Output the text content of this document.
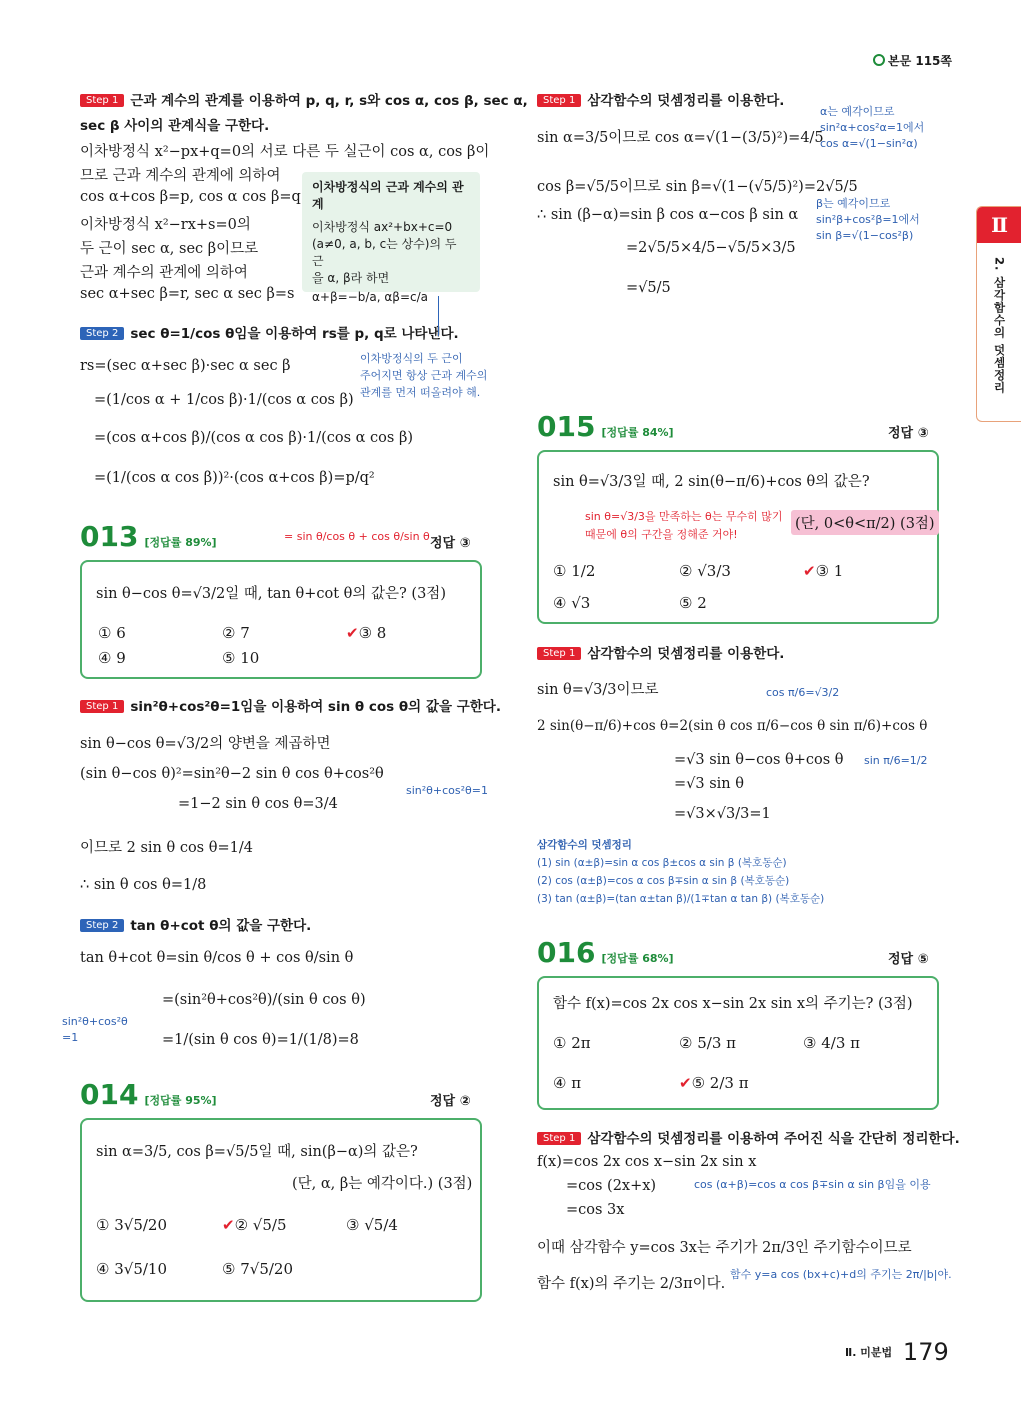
본문 115쪽
Ⅱ
2. 삼각함수의 덧셈정리
Step 1 근과 계수의 관계를 이용하여 p, q, r, s와 cos α, cos β, sec α,
sec β 사이의 관계식을 구한다.
이차방정식 x²−px+q=0의 서로 다른 두 실근이 cos α, cos β이
므로 근과 계수의 관계에 의하여
cos α+cos β=p, cos α cos β=q
이차방정식 x²−rx+s=0의
두 근이 sec α, sec β이므로
근과 계수의 관계에 의하여
sec α+sec β=r, sec α sec β=s
이차방정식의 근과 계수의 관계
이차방정식 ax²+bx+c=0
(a≠0, a, b, c는 상수)의 두 근
을 α, β라 하면
α+β=−b/a, αβ=c/a
Step 2 sec θ=1/cos θ임을 이용하여 rs를 p, q로 나타낸다.
이차방정식의 두 근이
주어지면 항상 근과 계수의
관계를 먼저 떠올려야 해.
rs=(sec α+sec β)·sec α sec β
=(1/cos α + 1/cos β)·1/(cos α cos β)
=(cos α+cos β)/(cos α cos β)·1/(cos α cos β)
=(1/(cos α cos β))²·(cos α+cos β)=p/q²
013 [정답률 89%]	= sin θ/cos θ + cos θ/sin θ 정답 ③
sin θ−cos θ=√3/2일 때, tan θ+cot θ의 값은? (3점)
① 6	② 7	✔③ 8
④ 9	⑤ 10
Step 1 sin²θ+cos²θ=1임을 이용하여 sin θ cos θ의 값을 구한다.
sin θ−cos θ=√3/2의 양변을 제곱하면
(sin θ−cos θ)²=sin²θ−2 sin θ cos θ+cos²θ
=1−2 sin θ cos θ=3/4
sin²θ+cos²θ=1
이므로 2 sin θ cos θ=1/4
∴ sin θ cos θ=1/8
Step 2 tan θ+cot θ의 값을 구한다.
tan θ+cot θ=sin θ/cos θ + cos θ/sin θ
=(sin²θ+cos²θ)/(sin θ cos θ)
=1/(sin θ cos θ)=1/(1/8)=8
sin²θ+cos²θ
=1
014 [정답률 95%]	정답 ②
sin α=3/5, cos β=√5/5일 때, sin(β−α)의 값은?
(단, α, β는 예각이다.) (3점)
① 3√5/20	✔② √5/5	③ √5/4
④ 3√5/10	⑤ 7√5/20
Step 1 삼각함수의 덧셈정리를 이용한다.
sin α=3/5이므로 cos α=√(1−(3/5)²)=4/5
α는 예각이므로
sin²α+cos²α=1에서
cos α=√(1−sin²α)
cos β=√5/5이므로 sin β=√(1−(√5/5)²)=2√5/5
∴ sin (β−α)=sin β cos α−cos β sin α
β는 예각이므로
sin²β+cos²β=1에서
sin β=√(1−cos²β)
=2√5/5×4/5−√5/5×3/5
=√5/5
015 [정답률 84%]	정답 ③
sin θ=√3/3일 때, 2 sin(θ−π/6)+cos θ의 값은?
sin θ=√3/3을 만족하는 θ는 무수히 많기
때문에 θ의 구간을 정해준 거야!
(단, 0<θ<π/2) (3점)
① 1/2	② √3/3	✔③ 1
④ √3	⑤ 2
Step 1 삼각함수의 덧셈정리를 이용한다.
sin θ=√3/3이므로	cos π/6=√3/2
2 sin(θ−π/6)+cos θ=2(sin θ cos π/6−cos θ sin π/6)+cos θ
=√3 sin θ−cos θ+cos θ sin π/6=1/2
=√3 sin θ
=√3×√3/3=1
삼각함수의 덧셈정리
(1) sin (α±β)=sin α cos β±cos α sin β (복호동순)
(2) cos (α±β)=cos α cos β∓sin α sin β (복호동순)
(3) tan (α±β)=(tan α±tan β)/(1∓tan α tan β) (복호동순)
016 [정답률 68%]	정답 ⑤
함수 f(x)=cos 2x cos x−sin 2x sin x의 주기는? (3점)
① 2π	② 5/3 π	③ 4/3 π
④ π	✔⑤ 2/3 π
Step 1 삼각함수의 덧셈정리를 이용하여 주어진 식을 간단히 정리한다.
f(x)=cos 2x cos x−sin 2x sin x
=cos (2x+x)	cos (α+β)=cos α cos β∓sin α sin β임을 이용
=cos 3x
이때 삼각함수 y=cos 3x는 주기가 2π/3인 주기함수이므로
함수 f(x)의 주기는 2/3π이다.
함수 y=a cos (bx+c)+d의 주기는 2π/|b|야.
$^{Ⅱ. 미분법}$ 179
